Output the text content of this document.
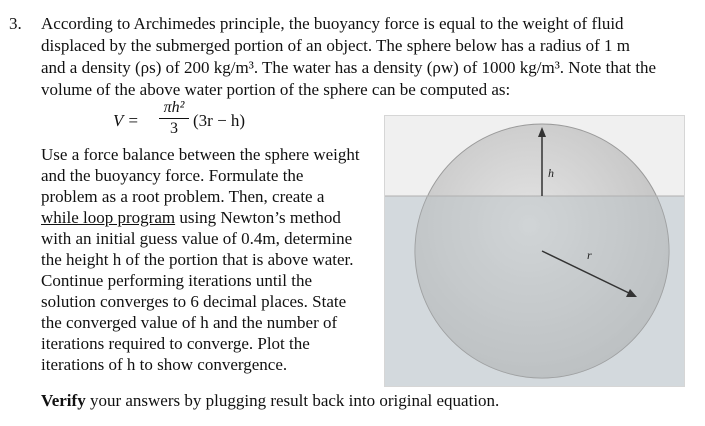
3. According to Archimedes principle, the buoyancy force is equal to the weight of fluid
displaced by the submerged portion of an object. The sphere below has a radius of 1 m
and a density (ρs) of 200 kg/m³. The water has a density (ρw) of 1000 kg/m³. Note that the
volume of the above water portion of the sphere can be computed as:
V =
πh²
3 (3r − h)
Use a force balance between the sphere weight
and the buoyancy force. Formulate the
problem as a root problem. Then, create a
while loop program using Newton’s method
with an initial guess value of 0.4m, determine
the height h of the portion that is above water.
Continue performing iterations until the
solution converges to 6 decimal places. State
the converged value of h and the number of
iterations required to converge. Plot the
iterations of h to show convergence.
h
r
Verify your answers by plugging result back into original equation.
